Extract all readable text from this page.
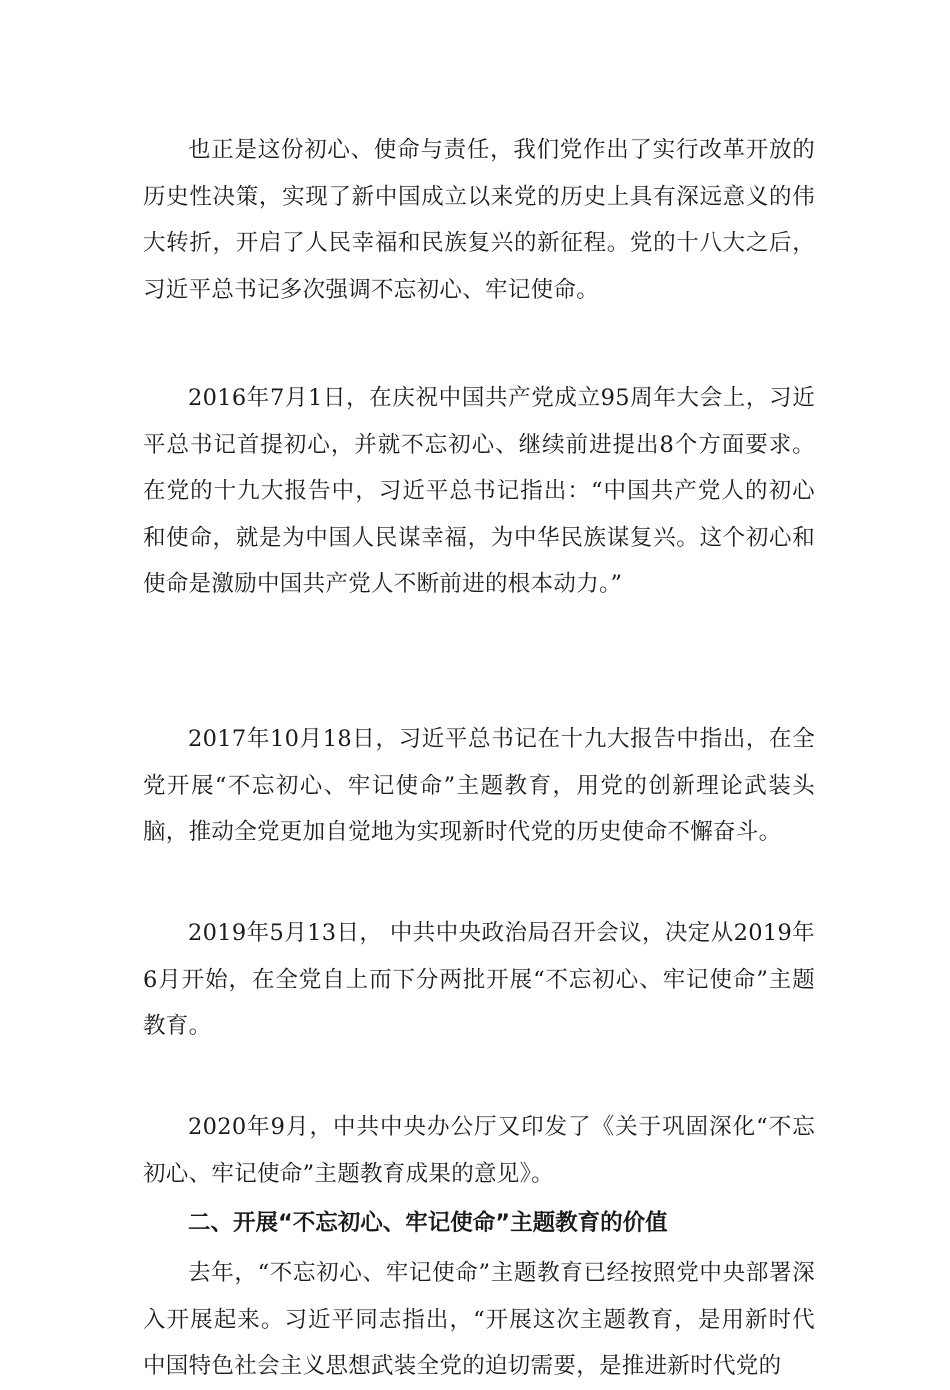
也正是这份初心、使命与责任，我们党作出了实行改革开放的历史性决策，实现了新中国成立以来党的历史上具有深远意义的伟大转折，开启了人民幸福和民族复兴的新征程。党的十八大之后，习近平总书记多次强调不忘初心、牢记使命。

2016年7月1日，在庆祝中国共产党成立95周年大会上，习近平总书记首提初心，并就不忘初心、继续前进提出8个方面要求。在党的十九大报告中，习近平总书记指出：“中国共产党人的初心和使命，就是为中国人民谋幸福，为中华民族谋复兴。这个初心和使命是激励中国共产党人不断前进的根本动力。”

2017年10月18日，习近平总书记在十九大报告中指出，在全党开展“不忘初心、牢记使命”主题教育，用党的创新理论武装头脑，推动全党更加自觉地为实现新时代党的历史使命不懈奋斗。

2019年5月13日， 中共中央政治局召开会议，决定从2019年6月开始，在全党自上而下分两批开展“不忘初心、牢记使命”主题教育。

2020年9月，中共中央办公厅又印发了《关于巩固深化“不忘初心、牢记使命”主题教育成果的意见》。

二、开展“不忘初心、牢记使命”主题教育的价值

去年，“不忘初心、牢记使命”主题教育已经按照党中央部署深入开展起来。习近平同志指出，“开展这次主题教育，是用新时代中国特色社会主义思想武装全党的迫切需要，是推进新时代党的
